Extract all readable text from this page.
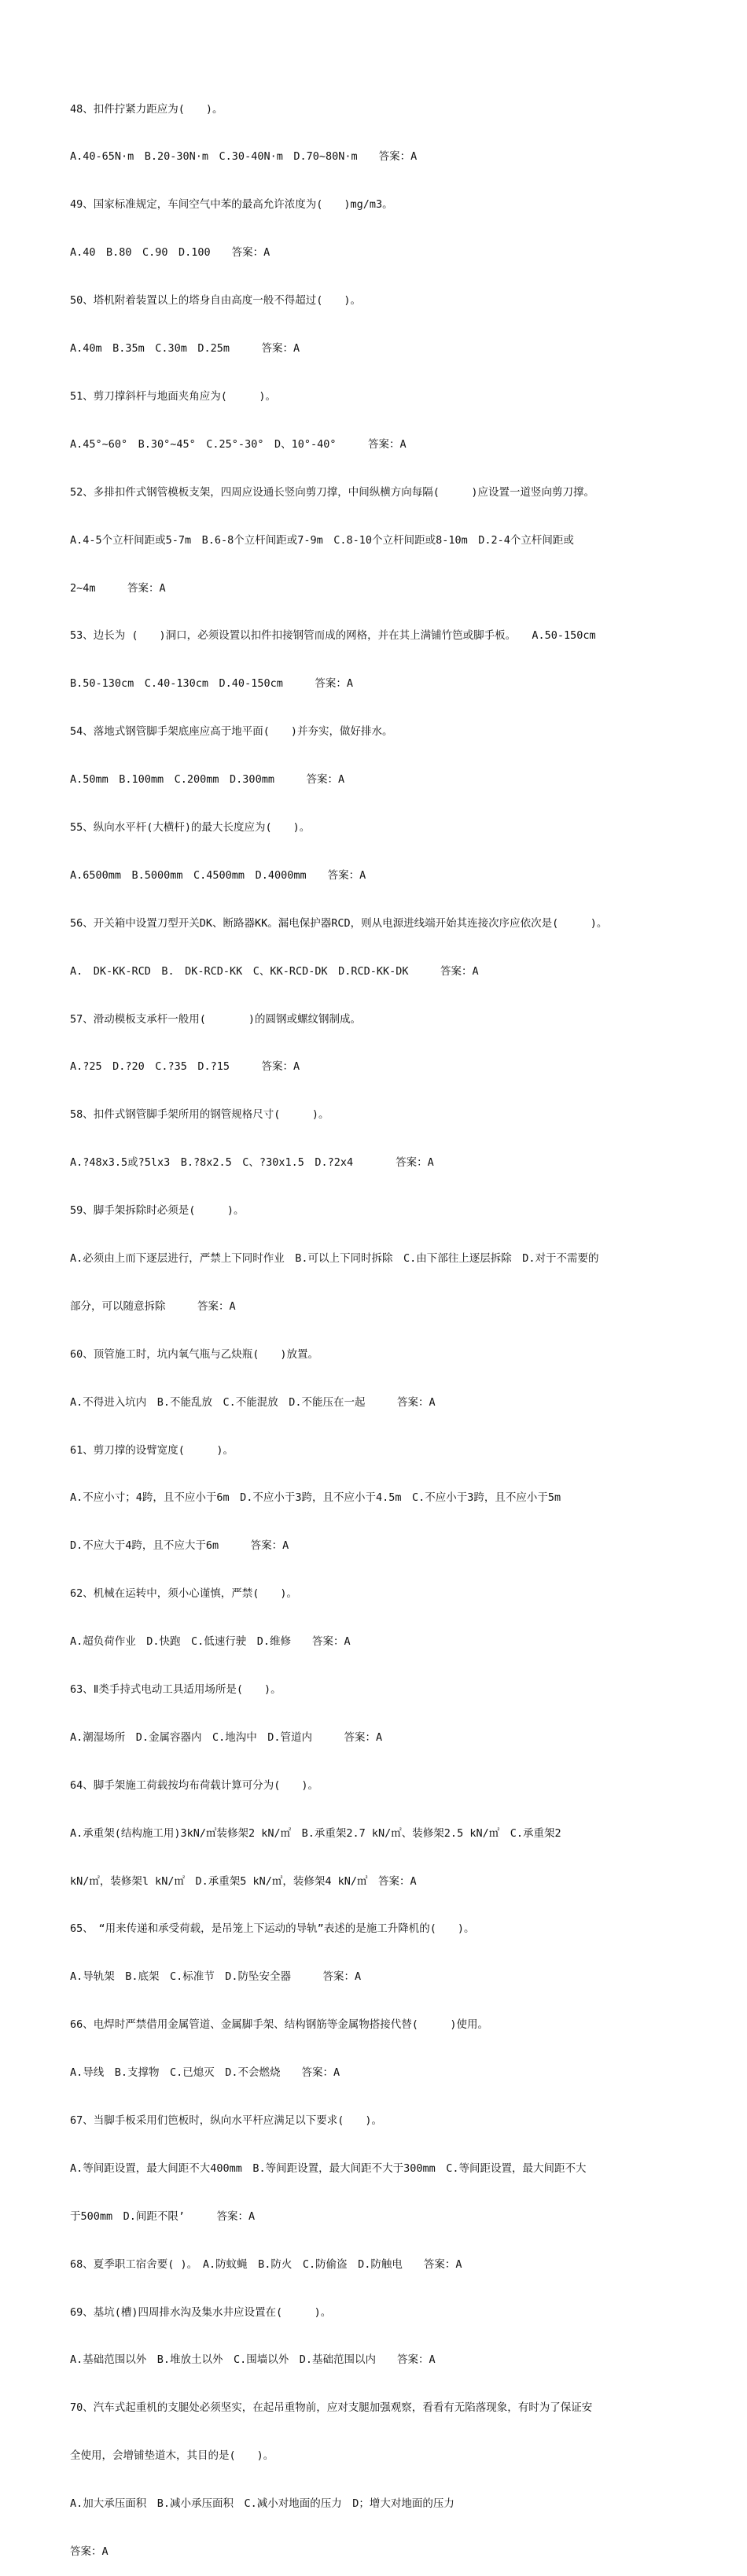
48、扣件拧紧力距应为(　　)。

A.40-65N·m　B.20-30N·m　C.30-40N·m　D.70~80N·m　　答案：A

49、国家标准规定，车间空气中苯的最高允许浓度为(　　)mg/m3。

A.40　B.80　C.90　D.100　　答案：A

50、塔机附着装置以上的塔身自由高度一般不得超过(　　)。

A.40m　B.35m　C.30m　D.25m　　　答案：A

51、剪刀撑斜杆与地面夹角应为(　　　)。

A.45°~60°　B.30°~45°　C.25°-30°　D、10°-40°　　　答案：A

52、多排扣件式钢管模板支架，四周应设通长竖向剪刀撑，中间纵横方向每隔(　　　)应设置一道竖向剪刀撑。

A.4-5个立杆间距或5-7m　B.6-8个立杆间距或7-9m　C.8-10个立杆间距或8-10m　D.2-4个立杆间距或

2~4m　　　答案：A

53、边长为 (　　)洞口，必须设置以扣件扣接钢管而成的网格，并在其上满铺竹笆或脚手板。　　A.50-150cm

B.50-130cm　C.40-130cm　D.40-150cm　　　答案：A

54、落地式钢管脚手架底座应高于地平面(　　)并夯实，做好排水。

A.50mm　B.100mm　C.200mm　D.300mm　　　答案：A

55、纵向水平杆(大横杆)的最大长度应为(　　)。

A.6500mm　B.5000mm　C.4500mm　D.4000mm　　答案：A

56、开关箱中设置刀型开关DK、断路器KK。漏电保护器RCD，则从电源进线端开始其连接次序应依次是(　　　)。

A.　DK-KK-RCD　B.　DK-RCD-KK　C、KK-RCD-DK　D.RCD-KK-DK　　　答案：A

57、滑动模板支承杆一般用(　　　　)的圆钢或螺纹钢制成。

A.?25　D.?20　C.?35　D.?15　　　答案：A

58、扣件式钢管脚手架所用的钢管规格尺寸(　　　)。

A.?48x3.5或?5lx3　B.?8x2.5　C、?30x1.5　D.?2x4　　　　答案：A

59、脚手架拆除时必须是(　　　)。

A.必须由上而下逐层进行，严禁上下同时作业　B.可以上下同时拆除　C.由下部往上逐层拆除　D.对于不需要的

部分，可以随意拆除　　　答案：A

60、顶管施工时，坑内氧气瓶与乙炔瓶(　　)放置。

A.不得进入坑内　B.不能乱放　C.不能混放　D.不能压在一起　　　答案：A

61、剪刀撑的设臂宽度(　　　)。

A.不应小寸；4跨，且不应小于6m　D.不应小于3跨，且不应小于4.5m　C.不应小于3跨，且不应小于5m

D.不应大于4跨，且不应大于6m　　　答案：A

62、机械在运转中，须小心谨慎，严禁(　　)。

A.超负荷作业　D.快跑　C.低速行驶　D.维修　　答案：A

63、Ⅱ类手持式电动工具适用场所是(　　)。

A.潮湿场所　D.金属容器内　C.地沟中　D.管道内　　　答案：A

64、脚手架施工荷载按均布荷载计算可分为(　　)。

A.承重架(结构施工用)3kN/㎡装修架2 kN/㎡　B.承重架2.7 kN/㎡、装修架2.5 kN/㎡　C.承重架2

kN/㎡，装修架l kN/㎡　D.承重架5 kN/㎡，装修架4 kN/㎡　答案：A

65、　“用来传递和承受荷载，是吊笼上下运动的导轨”表述的是施工升降机的(　　)。

A.导轨架　B.底架　C.标准节　D.防坠安全器　　　答案：A

66、电焊时严禁借用金属管道、金属脚手架、结构钢筋等金属物搭接代替(　　　)使用。

A.导线　B.支撑物　C.已熄灭　D.不会燃烧　　答案：A

67、当脚手板采用们笆板时，纵向水平杆应满足以下要求(　　)。

A.等间距设置，最大间距不大400mm　B.等间距设置，最大间距不大于300mm　C.等间距设置，最大间距不大

于500mm　D.间距不限’　　　答案：A

68、夏季职工宿舍要( )。　A.防蚊蝇　B.防火　C.防偷盗　D.防触电　　答案：A

69、基坑(槽)四周排水沟及集水井应设置在(　　　)。

A.基础范围以外　B.堆放土以外　C.围墙以外　D.基础范围以内　　答案：A

70、汽车式起重机的支腿处必须坚实，在起吊重物前，应对支腿加强观察，看看有无陷落现象，有时为了保证安

全使用，会增铺垫道木，其目的是(　　)。

A.加大承压面积　B.减小承压面积　C.减小对地面的压力　D；增大对地面的压力

答案：A
